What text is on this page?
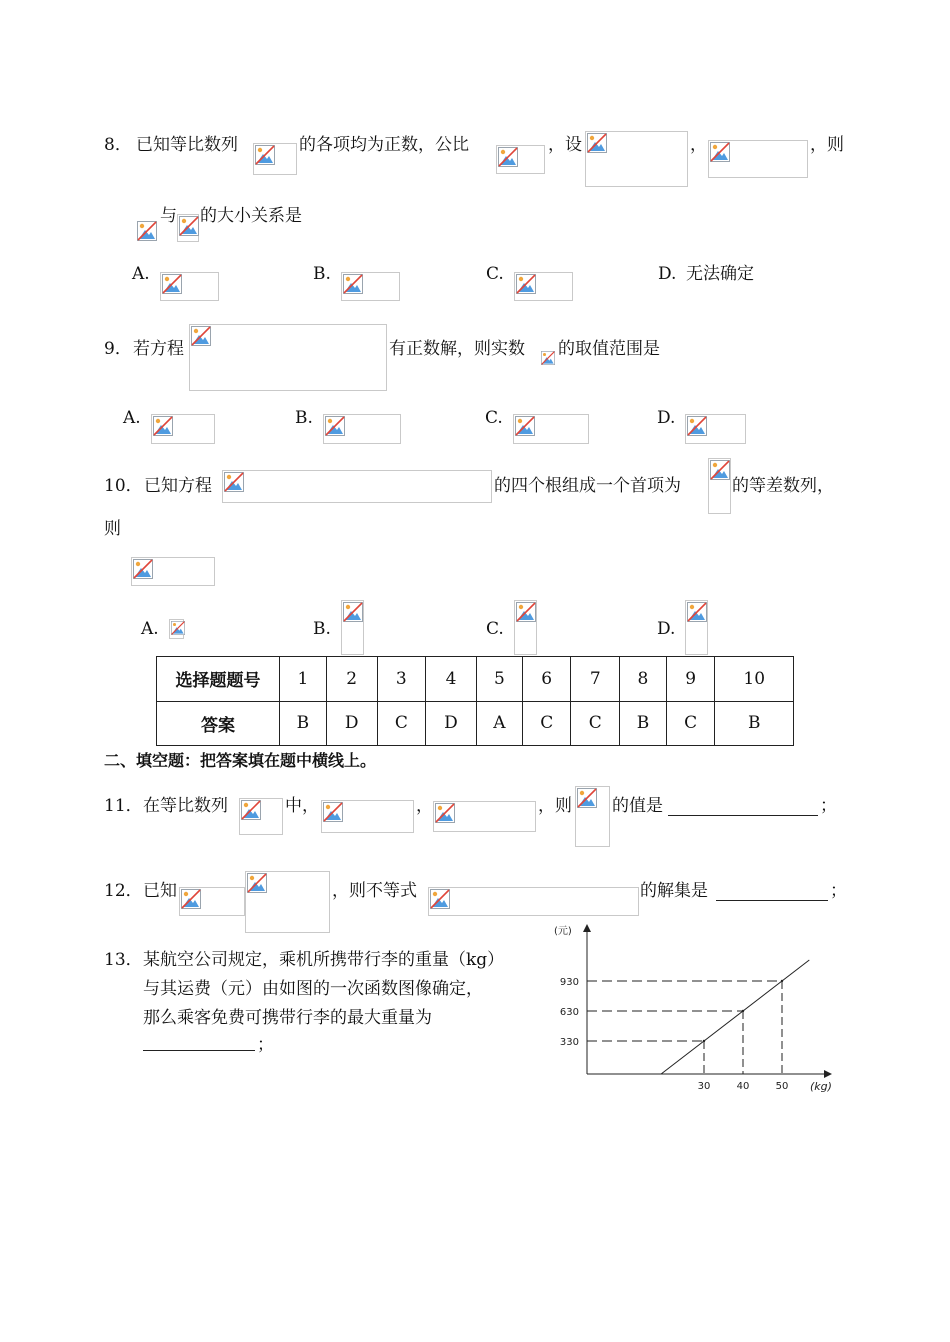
8． 已知等比数列	的各项均为正数，公比	，设	，	，则
与 的大小关系是
A.	B.	C.	D. 无法确定
9． 若方程	有正数解，则实数 的取值范围是
A.	B.	C.	D.
10． 已知方程	的四个根组成一个首项为	的等差数列，
则
A.	B.	C.	D.
选择题题号	1	2	3	4	5	6	7	8	9	10
答案	B	D	C	D	A	C	C	B	C	B
二、填空题：把答案填在题中横线上。
11． 在等比数列	中，	，	，则 的值是	；
12． 已知	，则不等式	的解集是	；
13． 某航空公司规定，乘机所携带行李的重量（kg）
与其运费（元）由如图的一次函数图像确定，
那么乘客免费可携带行李的最大重量为
；
(元)
(kg)
330
30
630
40
930
50
